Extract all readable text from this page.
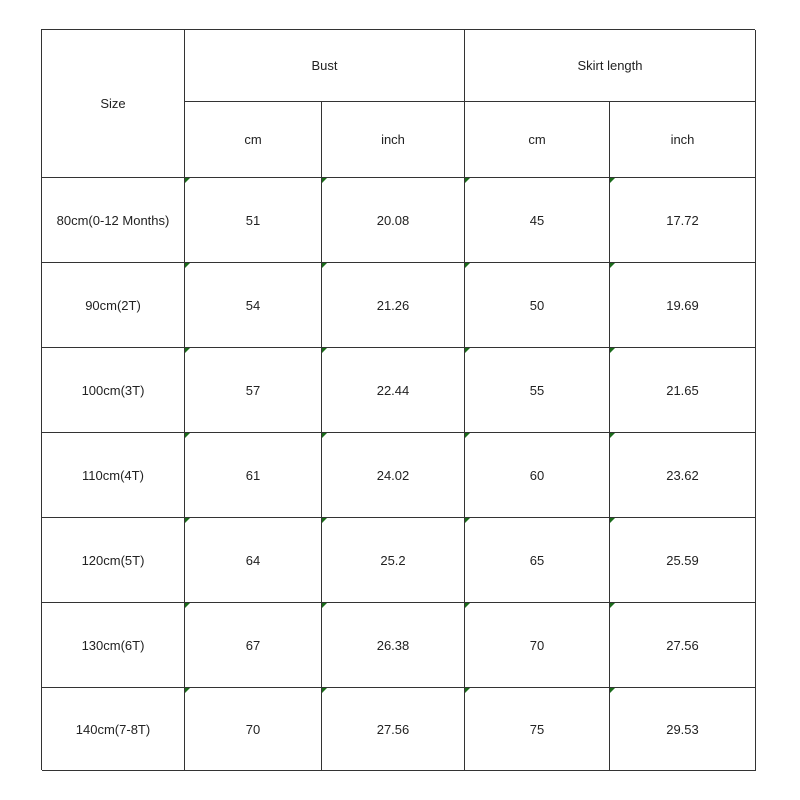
Size
Bust	Skirt length
cm	inch	cm	inch
80cm(0-12 Months)	51	20.08	45	17.72
90cm(2T)	54	21.26	50	19.69
100cm(3T)	57	22.44	55	21.65
110cm(4T)	61	24.02	60	23.62
120cm(5T)	64	25.2	65	25.59
130cm(6T)	67	26.38	70	27.56
140cm(7-8T)	70	27.56	75	29.53
